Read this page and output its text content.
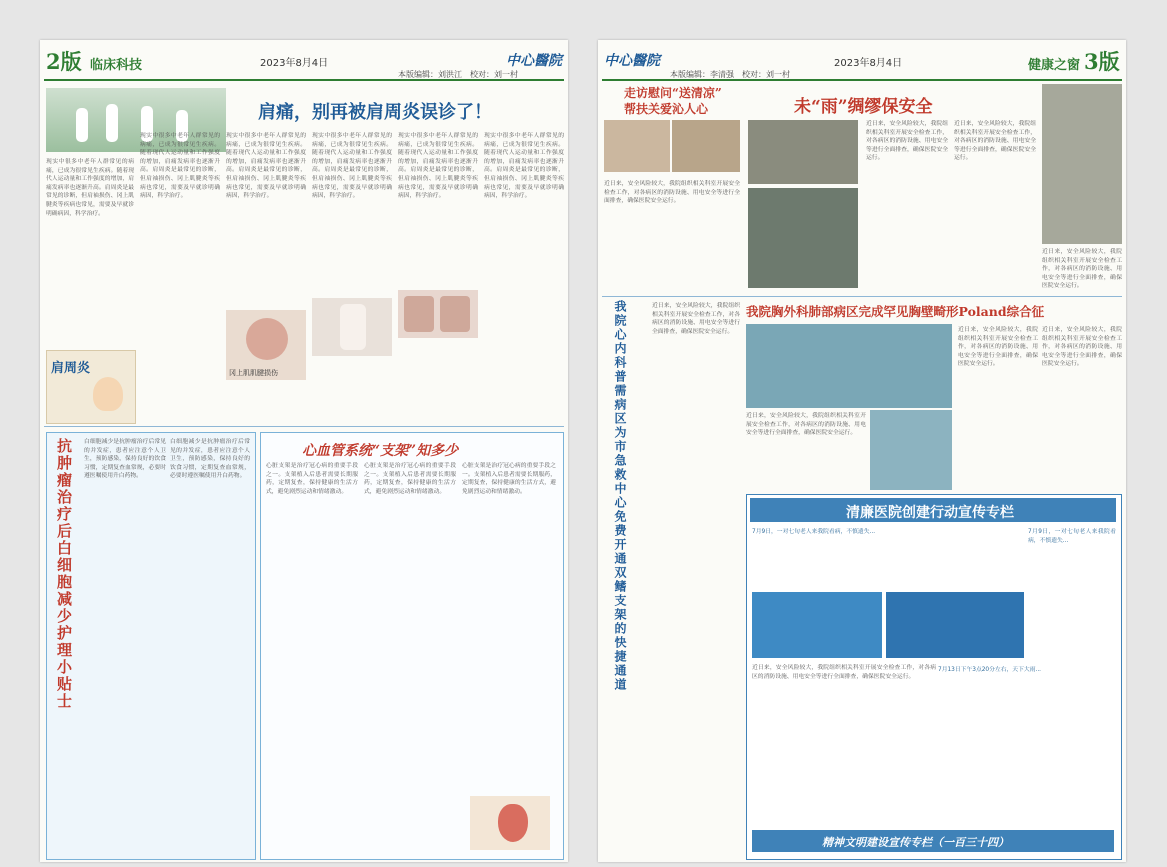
2版 临床科技	2023年8月4日
本版编辑：刘洪江　校对：刘一村
中心醫院
肩痛，别再被肩周炎误诊了！
现实中很多中老年人群常见的病痛，已成为很常见生疾病。随着现代人运动量和工作强度的增加，肩痛发病率也逐渐升高。肩周炎是最常见的诊断，但肩袖损伤、冈上肌腱炎等疾病也常见，需要及早就诊明确病因，科学治疗。
现实中很多中老年人群常见的病痛，已成为很常见生疾病。随着现代人运动量和工作强度的增加，肩痛发病率也逐渐升高。肩周炎是最常见的诊断，但肩袖损伤、冈上肌腱炎等疾病也常见，需要及早就诊明确病因，科学治疗。
现实中很多中老年人群常见的病痛，已成为很常见生疾病。随着现代人运动量和工作强度的增加，肩痛发病率也逐渐升高。肩周炎是最常见的诊断，但肩袖损伤、冈上肌腱炎等疾病也常见，需要及早就诊明确病因，科学治疗。
现实中很多中老年人群常见的病痛，已成为很常见生疾病。随着现代人运动量和工作强度的增加，肩痛发病率也逐渐升高。肩周炎是最常见的诊断，但肩袖损伤、冈上肌腱炎等疾病也常见，需要及早就诊明确病因，科学治疗。
现实中很多中老年人群常见的病痛，已成为很常见生疾病。随着现代人运动量和工作强度的增加，肩痛发病率也逐渐升高。肩周炎是最常见的诊断，但肩袖损伤、冈上肌腱炎等疾病也常见，需要及早就诊明确病因，科学治疗。
现实中很多中老年人群常见的病痛，已成为很常见生疾病。随着现代人运动量和工作强度的增加，肩痛发病率也逐渐升高。肩周炎是最常见的诊断，但肩袖损伤、冈上肌腱炎等疾病也常见，需要及早就诊明确病因，科学治疗。
肩周炎	冈上肌肌腱损伤
抗肿瘤治疗后白细胞减少护理小贴士	白细胞减少是抗肿瘤治疗后常见的并发症，患者应注意个人卫生，预防感染，保持良好的饮食习惯，定期复查血常规，必要时遵医嘱使用升白药物。
白细胞减少是抗肿瘤治疗后常见的并发症，患者应注意个人卫生，预防感染，保持良好的饮食习惯，定期复查血常规，必要时遵医嘱使用升白药物。
心血管系统“支架”知多少
心脏支架是治疗冠心病的重要手段之一。支架植入后患者需要长期服药，定期复查，保持健康的生活方式，避免剧烈运动和情绪激动。
心脏支架是治疗冠心病的重要手段之一。支架植入后患者需要长期服药，定期复查，保持健康的生活方式，避免剧烈运动和情绪激动。
心脏支架是治疗冠心病的重要手段之一。支架植入后患者需要长期服药，定期复查，保持健康的生活方式，避免剧烈运动和情绪激动。
中心醫院
本版编辑：李清强　校对：刘一村
2023年8月4日	健康之窗 3版
走访慰问“送清凉”
帮扶关爱沁人心
近日来，安全风险较大，我院组织相关科室开展安全检查工作，对各病区的消防设施、用电安全等进行全面排查，确保医院安全运行。
未“雨”绸缪保安全
近日来，安全风险较大，我院组织相关科室开展安全检查工作，对各病区的消防设施、用电安全等进行全面排查，确保医院安全运行。
近日来，安全风险较大，我院组织相关科室开展安全检查工作，对各病区的消防设施、用电安全等进行全面排查，确保医院安全运行。
近日来，安全风险较大，我院组织相关科室开展安全检查工作，对各病区的消防设施、用电安全等进行全面排查，确保医院安全运行。
我院胸外科肺部病区完成罕见胸壁畸形Poland综合征
近日来，安全风险较大，我院组织相关科室开展安全检查工作，对各病区的消防设施、用电安全等进行全面排查，确保医院安全运行。
近日来，安全风险较大，我院组织相关科室开展安全检查工作，对各病区的消防设施、用电安全等进行全面排查，确保医院安全运行。
近日来，安全风险较大，我院组织相关科室开展安全检查工作，对各病区的消防设施、用电安全等进行全面排查，确保医院安全运行。
我院心内科普需病区为市急救中心免费开通双鳍支架的快捷通道	近日来，安全风险较大，我院组织相关科室开展安全检查工作，对各病区的消防设施、用电安全等进行全面排查，确保医院安全运行。
清廉医院创建行动宣传专栏
7月9日，一对七旬老人来我院看病，不慎遗失...	7月9日，一对七旬老人来我院看病，不慎遗失...
近日来，安全风险较大，我院组织相关科室开展安全检查工作，对各病区的消防设施、用电安全等进行全面排查，确保医院安全运行。
7月13日下午3点20分左右，天下大雨...
精神文明建设宣传专栏（一百三十四）
